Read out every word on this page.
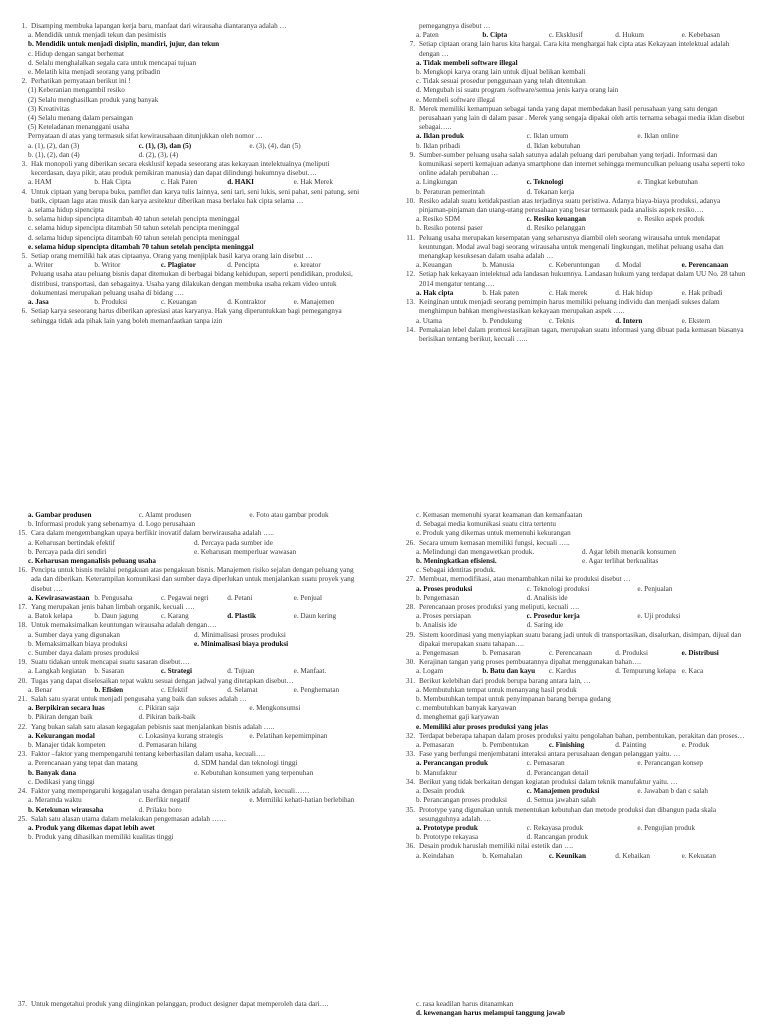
1. Disamping membuka lapangan kerja baru, manfaat dari wirausaha diantaranya adalah …
a. Mendidik untuk menjadi tekun dan pesimistis
b. Mendidik untuk menjadi disiplin, mandiri, jujur, dan tekun
c. Hidup dengan sangat berhemat
d. Selalu menghalalkan segala cara untuk mencapai tujuan
e. Melatih kita menjadi seorang yang pribadin
2. Perhatikan pernyataan berikut ini !
(1) Keberanian mengambil resiko
(2) Selalu menghasilkan produk yang banyak
(3) Kreativitas
(4) Selalu menang dalam persaingan
(5) Keteladanan menanggani usaha
Pernyataan di atas yang termasuk sifat kewirausahaan ditunjukkan oleh nomor …
a. (1), (2), dan (3)	c. (1), (3), dan (5)	e. (3), (4), dan (5)
b. (1), (2), dan (4)	d. (2), (3), (4)
3. Hak monopoli yang diberikan secara eksklusif kepada seseorang atas kekayaan intelektualnya (meliputi kecerdasan, daya pikir, atau produk pemikiran manusia) dan dapat dilindungi hukumnya disebut….
a. HAM	b. Hak Cipta	c. Hak Paten	d. HAKI	e. Hak Merek
4. Untuk ciptaan yang berupa buku, pamflet dan karya tulis lainnya, seni tari, seni lukis, seni pahat, seni patung, seni batik, ciptaan lagu atau musik dan karya arsitektur diberikan masa berlaku hak cipta selama …
a. selama hidup sipencipta
b. selama hidup sipencipta ditambah 40 tahun setelah pencipta meninggal
c. selama hidup sipencipta ditambah 50 tahun setelah pencipta meninggal
d. selama hidup sipencipta ditambah 60 tahun setelah pencipta meninggal
e. selama hidup sipencipta ditambah 70 tahun setelah pencipta meninggal
5. Setiap orang memiliki hak atas ciptaanya. Orang yang menjiplak hasil karya orang lain disebut …
a. Writer	b. Writor	c. Plagiator	d. Pencipta	e. kreator
Peluang usaha atau peluang bisnis dapat ditemukan di berbagai bidang kehidupan, seperti pendidikan, produksi, distribusi, transportasi, dan sebagainya. Usaha yang dilakukan dengan membuka usaha rekam video untuk dokumentasi merupakan peluang usaha di bidang ….
a. Jasa	b. Produksi	c. Keuangan	d. Kontraktor	e. Manajemen
6. Setiap karya seseorang harus diberikan apresiasi atas karyanya. Hak yang diperuntukkan bagi pemegangnya sehingga tidak ada pihak lain yang boleh memanfaatkan tanpa izin
pemegangnya disebut …
a. Paten	b. Cipta	c. Eksklusif	d. Hukum	e. Kebebasan
7. Setiap ciptaan orang lain harus kita hargai. Cara kita menghargai hak cipta atas Kekayaan intelektual adalah dengan …
a. Tidak membeli software illegal
b. Mengkopi karya orang lain untuk dijual belikan kembali
c. Tidak sesuai prosedur penggunaan yang telah ditentukan
d. Mengubah isi suatu program /software/semua jenis karya orang lain
e. Membeli software illegal
8. Merek memiliki kemampuan sebagai tanda yang dapat membedakan hasil perusahaan yang satu dengan perusahaan yang lain di dalam pasar . Merek yang sengaja dipakai oleh artis ternama sebagai media iklan disebut sebagai…..
a. Iklan produk	c. Iklan umum	e. Iklan online
b. Iklan pribadi	d. Iklan kebutuhan
9. Sumber-sumber peluang usaha salah satunya adalah peluang dari perubahan yang terjadi. Informasi dan komunikasi seperti kemajuan adanya smartphone dan internet sehingga memunculkan peluang usaha seperti toko online adalah perubahan …
a. Lingkungan	c. Teknologi	e. Tingkat kebutuhan
b. Peraturan pemerintah	d. Tekanan kerja
10. Resiko adalah suatu ketidakpastian atas terjadinya suatu peristiwa. Adanya biaya-biaya produksi, adanya pinjaman-pinjaman dan utang-utang perusahaan yang besar termasuk pada analisis aspek resiko….
a. Resiko SDM	c. Resiko keuangan	e. Resiko aspek produk
b. Resiko potensi paser	d. Resiko pelanggan
11. Peluang usaha merupakan kesempatan yang seharusnya diambil oleh seorang wirausaha untuk mendapat keuntungan. Modal awal bagi seorang wirausaha untuk mengenali lingkungan, melihat peluang usaha dan menangkap kesuksesan dalam usaha adalah …
a. Keuangan	b. Manusia	c. Keberuntungan	d. Modal	e. Perencanaan
12. Setiap hak kekayaan intelektual ada landasan hukumnya. Landasan hukum yang terdapat dalam UU No. 28 tahun 2014 mengatur tentang….
a. Hak cipta	b. Hak paten	c. Hak merek	d. Hak hidup	e. Hak pribadi
13. Keinginan untuk menjadi seorang pemimpin harus memiliki peluang individu dan menjadi sukses dalam menghimpun bahkan mengiwestasikan kekayaan merupakan aspek …..
a. Utama	b. Pendukung	c. Teknis	d. Intern	e. Ekstern
14. Pemakaian lebel dalam promosi kerajinan tagan, merupakan suatu informasi yang dibuat pada kemasan biasanya berisikan tentang berikut, kecuali …..
a. Gambar produsen	c. Alamt produsen	e. Foto atau gambar produk
b. Informasi produk yang sebenarnya d. Logo perusahaan
15. Cara dalam mengembangkan upaya berfikir inovatif dalam berwirausaha adalah …..
a. Keharusan bertindak efektif	d. Percaya pada sumber ide
b. Percaya pada diri sendiri	e. Keharusan memperluar wawasan
c. Keharusan menganalisis peluang usaha
16. Pencipta untuk bisnis melalui pengakuan atas pengakuan bisnis. Manajemen risiko sejalan dengan peluang yang ada dan diberikan. Keterampilan komunikasi dan sumber daya diperlukan untuk menjalankan suatu proyek yang disebut ….
a. Kewirasawastaan b. Pengusaha	c. Pegawai negri	d. Petani	e. Penjual
17. Yang merupakan jenis bahan limbah organik, kecuali ….
a. Batok kelapa	b. Daun jagung	c. Karang	d. Plastik	e. Daun kering
18. Untuk memaksimalkan keuntungan wirausaha adalah dengan….
a. Sumber daya yang digunakan	d. Minimalisasi proses produksi
b. Memaksimalkan biaya produksi	e. Minimalisasi biaya produksi
c. Sumber daya dalam proses produksi
19. Suatu tidakan untuk mencapai suatu sasaran disebut….
a. Langkah kegiatan	b. Sasaran	c. Strategi	d. Tujuan	e. Manfaat.
20. Tugas yang dapat diselesaikan tepat waktu sesuai dengan jadwal yang ditetapkan disebut…
a. Benar	b. Efisien	c. Efektif	d. Selamat	e. Penghematan
21. Salah satu syarat untuk menjadi pengusaha yang baik dan sukses adalah …
a. Berpikiran secara luas	c. Pikiran saja	e. Mengkonsumsi
b. Pikiran dengan baik	d. Pikiran baik-baik
22. Yang bukan salah satu alasan kegagalan pebisnis saat menjalankan bisnis adalah …..
a. Kekurangan modal	c. Lokasinya kurang strategis	e. Pelatihan kepemimpinan
b. Manajer tidak kompeten	d. Pemasaran hilang
23. Faktor –faktor yang mempengaruhi tentang keberhasilan dalam usaha, kecuali….
a. Perencanaan yang tepat dan matang	d. SDM handal dan teknologi tinggi
b. Banyak dana	e. Kebutuhan konsumen yang terpenuhan
c. Dedikasi yang tinggi
24. Faktor yang mempengaruhi kegagalan usaha dengan peralatan sistem teknik adalah, kecuali……
a. Meramda waktu	c. Berfikir negatif	e. Memiliki kehati-hatian berlebihan
b. Ketekunan wirausaha	d. Prilaku boro
25. Salah satu alasan utama dalam melakukan pengemasan adalah ……
a. Produk yang dikemas dapat lebih awet
b. Produk yang dihasilkan memiliki kualitas tinggi
c. Kemasan memenuhi syarat keamanan dan kemanfaatan
d. Sebagai media komunikasi suatu citra tertentu
e. Produk yang dikemas untuk memenuhi kekurangan
26. Secara umum kemasan memiliki fungsi, kecuali …..
a. Melindungi dan mengawetkan produk.	d. Agar lebih menarik konsumen
b. Meningkatkan efisiensi.	e. Agar terlihat berkualitas
c. Sebagai identitas produk.
27. Membuat, memodifikasi, atau menambahkan nilai ke produksi disebut …
a. Proses produksi	c. Teknologi produksi	e. Penjualan
b. Pengemasan	d. Analisis ide
28. Perencanaan proses produksi yang meliputi, kecuali ….
a. Proses persiapan	c. Prosedur kerja	e. Uji produksi
b. Analisis ide	d. Saring ide
29. Sistem koordinasi yang menyiapkan suatu barang jadi untuk di transportasikan, disalurkan, disimpan, dijual dan dipakai merupakan suatu tahapan….
a. Pengemasan	b. Pemasaran	c. Perencanaan	d. Produksi	e. Distribusi
30. Kerajinan tangan yang proses pembuatannya dipahat menggunakan bahan….
a. Logam	b. Batu dan kayu	c. Kardus	d. Tempurung kelapa e. Kaca
31. Berikut kelebihan dari produk berupa barang antara lain, …
a. Membutuhkan tempat untuk menanyang hasil produk
b. Membutuhkan tempat untuk penyimpanan barang berupa gudang
c. membutuhkan banyak karyawan
d. menghemat gaji karyawan
e. Memiliki alur proses produksi yang jelas
32. Terdapat beberapa tahapan dalam proses produksi yaitu pengolahan bahan, pembentukan, perakitan dan proses…
a. Pemasaran	b. Pembentukan	c. Finishing	d. Painting	e. Produk
33. Fase yang berfungsi menjembatani interaksi antara perusahaan dengan pelanggan yaitu. …
a. Perancangan produk	c. Pemasaran	e. Perancangan konsep
b. Manufaktur	d. Perancangan detail
34. Berikut yang tidak berkaitan dengan kegiatan produksi dalam teknik manufaktur yaitu. …
a. Desain produk	c. Manajemen produksi	e. Jawaban b dan c salah
b. Perancangan proses produksi	d. Semua jawaban salah
35. Prototype yang digunakan untuk menentukan kebutuhan dan metode produksi dan dibangun pada skala sesungguhnya adalah. …
a. Prototype produk	c. Rekayasa produk	e. Pengujian produk
b. Prototype rekayasa	d. Rancangan produk
36. Desain produk haruslah memiliki nilai estetik dan ….
a. Keindahan	b. Kemahalan	c. Keunikan	d. Kebaikan	e. Kekuatan
37. Untuk mengetahui produk yang diinginkan pelanggan, product designer dapat memperoleh data dari….	c. rasa keadilan harus ditanamkan
d. kewenangan harus melampui tanggung jawab
